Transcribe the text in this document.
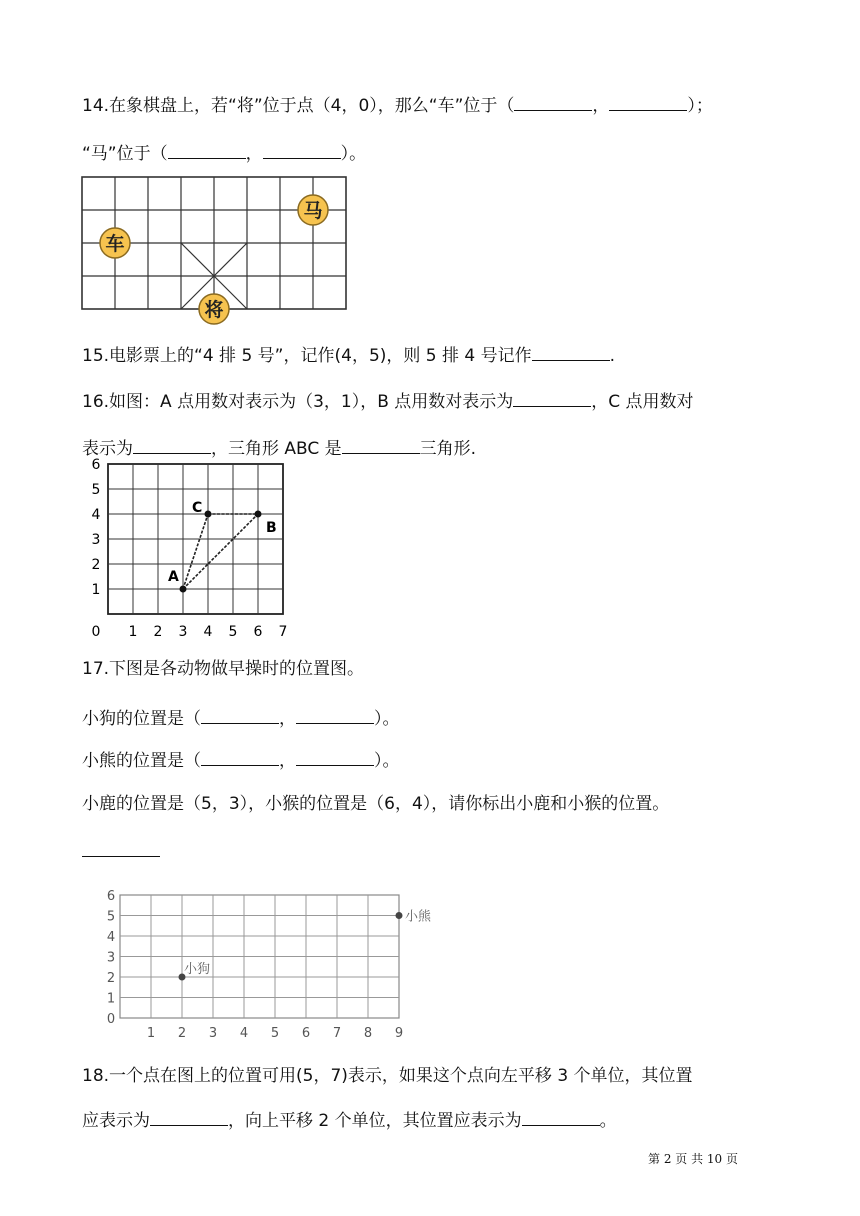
14.在象棋盘上，若“将”位于点（4，0），那么“车”位于（	，	）；
“马”位于（	，	）。
马
车
将
15.电影票上的“4 排 5 号”，记作(4，5)，则 5 排 4 号记作	.
16.如图：A 点用数对表示为（3，1），B 点用数对表示为	，C 点用数对
表示为	，三角形 ABC 是	三角形.
0 1 2 3 4 5 6 7
1
2
3
4
5
6
A
B
C
17.下图是各动物做早操时的位置图。
小狗的位置是（	，	）。
小熊的位置是（	，	）。
小鹿的位置是（5，3），小猴的位置是（6，4），请你标出小鹿和小猴的位置。
1 2 3 4 5 6 7 8 9
0
1
2
3
4
5
6
小狗
小熊
18.一个点在图上的位置可用(5，7)表示，如果这个点向左平移 3 个单位，其位置
应表示为	，向上平移 2 个单位，其位置应表示为	。
第 2 页 共 10 页
